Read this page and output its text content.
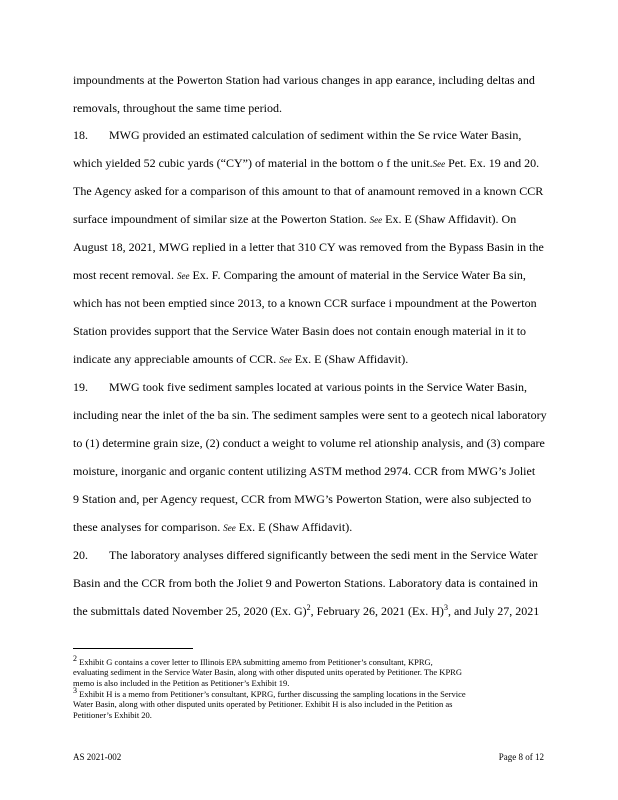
impoundments at the Powerton Station had various changes in app earance, including deltas and
removals, throughout the same time period.
18. MWG provided an estimated calculation of sediment within the Se rvice Water Basin,
which yielded 52 cubic yards (“CY”) of material in the bottom o f the unit.See Pet. Ex. 19 and 20.
The Agency asked for a comparison of this amount to that of anamount removed in a known CCR
surface impoundment of similar size at the Powerton Station. See Ex. E (Shaw Affidavit). On
August 18, 2021, MWG replied in a letter that 310 CY was removed from the Bypass Basin in the
most recent removal. See Ex. F. Comparing the amount of material in the Service Water Ba sin,
which has not been emptied since 2013, to a known CCR surface i mpoundment at the Powerton
Station provides support that the Service Water Basin does not contain enough material in it to
indicate any appreciable amounts of CCR. See Ex. E (Shaw Affidavit).
19. MWG took five sediment samples located at various points in the Service Water Basin,
including near the inlet of the ba sin. The sediment samples were sent to a geotech nical laboratory
to (1) determine grain size, (2) conduct a weight to volume rel ationship analysis, and (3) compare
moisture, inorganic and organic content utilizing ASTM method 2974. CCR from MWG’s Joliet
9 Station and, per Agency request, CCR from MWG’s Powerton Station, were also subjected to
these analyses for comparison. See Ex. E (Shaw Affidavit).
20. The laboratory analyses differed significantly between the sedi ment in the Service Water
Basin and the CCR from both the Joliet 9 and Powerton Stations. Laboratory data is contained in
the submittals dated November 25, 2020 (Ex. G)$^2$, February 26, 2021 (Ex. H)$^3$, and July 27, 2021
$^2$ Exhibit G contains a cover letter to Illinois EPA submitting amemo from Petitioner’s consultant, KPRG,
evaluating sediment in the Service Water Basin, along with other disputed units operated by Petitioner. The KPRG
memo is also included in the Petition as Petitioner’s Exhibit 19.
$^3$ Exhibit H is a memo from Petitioner’s consultant, KPRG, further discussing the sampling locations in the Service
Water Basin, along with other disputed units operated by Petitioner. Exhibit H is also included in the Petition as
Petitioner’s Exhibit 20.
AS 2021-002	Page 8 of 12
